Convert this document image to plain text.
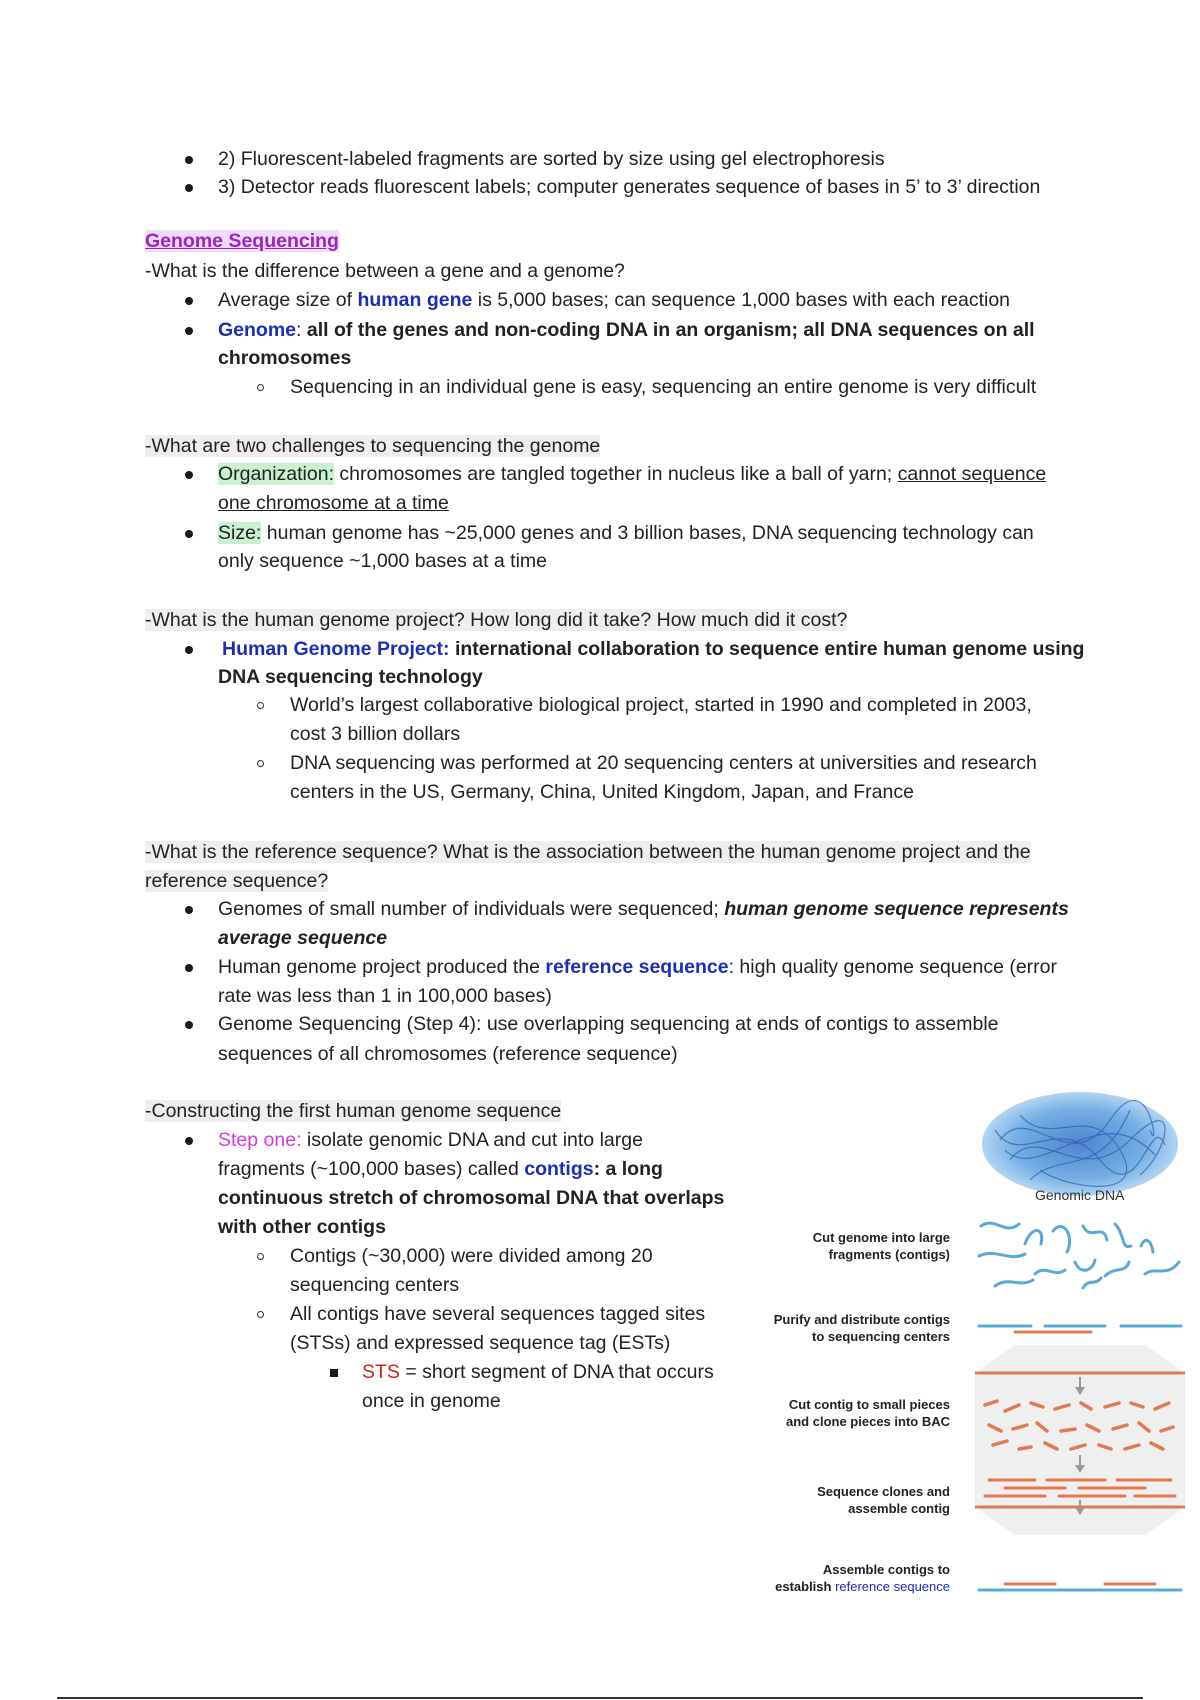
2) Fluorescent-labeled fragments are sorted by size using gel electrophoresis
3) Detector reads fluorescent labels; computer generates sequence of bases in 5’ to 3’ direction
Genome Sequencing
-What is the difference between a gene and a genome?
Average size of human gene is 5,000 bases; can sequence 1,000 bases with each reaction
Genome: all of the genes and non-coding DNA in an organism; all DNA sequences on all
chromosomes
Sequencing in an individual gene is easy, sequencing an entire genome is very difficult
-What are two challenges to sequencing the genome
Organization: chromosomes are tangled together in nucleus like a ball of yarn; cannot sequence
one chromosome at a time
Size: human genome has ~25,000 genes and 3 billion bases, DNA sequencing technology can
only sequence ~1,000 bases at a time
-What is the human genome project? How long did it take? How much did it cost?
Human Genome Project: international collaboration to sequence entire human genome using
DNA sequencing technology
World’s largest collaborative biological project, started in 1990 and completed in 2003,
cost 3 billion dollars
DNA sequencing was performed at 20 sequencing centers at universities and research
centers in the US, Germany, China, United Kingdom, Japan, and France
-What is the reference sequence? What is the association between the human genome project and the
reference sequence?
Genomes of small number of individuals were sequenced; human genome sequence represents
average sequence
Human genome project produced the reference sequence: high quality genome sequence (error
rate was less than 1 in 100,000 bases)
Genome Sequencing (Step 4): use overlapping sequencing at ends of contigs to assemble
sequences of all chromosomes (reference sequence)
-Constructing the first human genome sequence
Step one: isolate genomic DNA and cut into large
fragments (~100,000 bases) called contigs: a long
continuous stretch of chromosomal DNA that overlaps
with other contigs
Contigs (~30,000) were divided among 20
sequencing centers
All contigs have several sequences tagged sites
(STSs) and expressed sequence tag (ESTs)
STS = short segment of DNA that occurs
once in genome
Genomic DNA
Cut genome into large
fragments (contigs)
Purify and distribute contigs
to sequencing centers
Cut contig to small pieces
and clone pieces into BAC
Sequence clones and
assemble contig
Assemble contigs to
establish reference sequence
